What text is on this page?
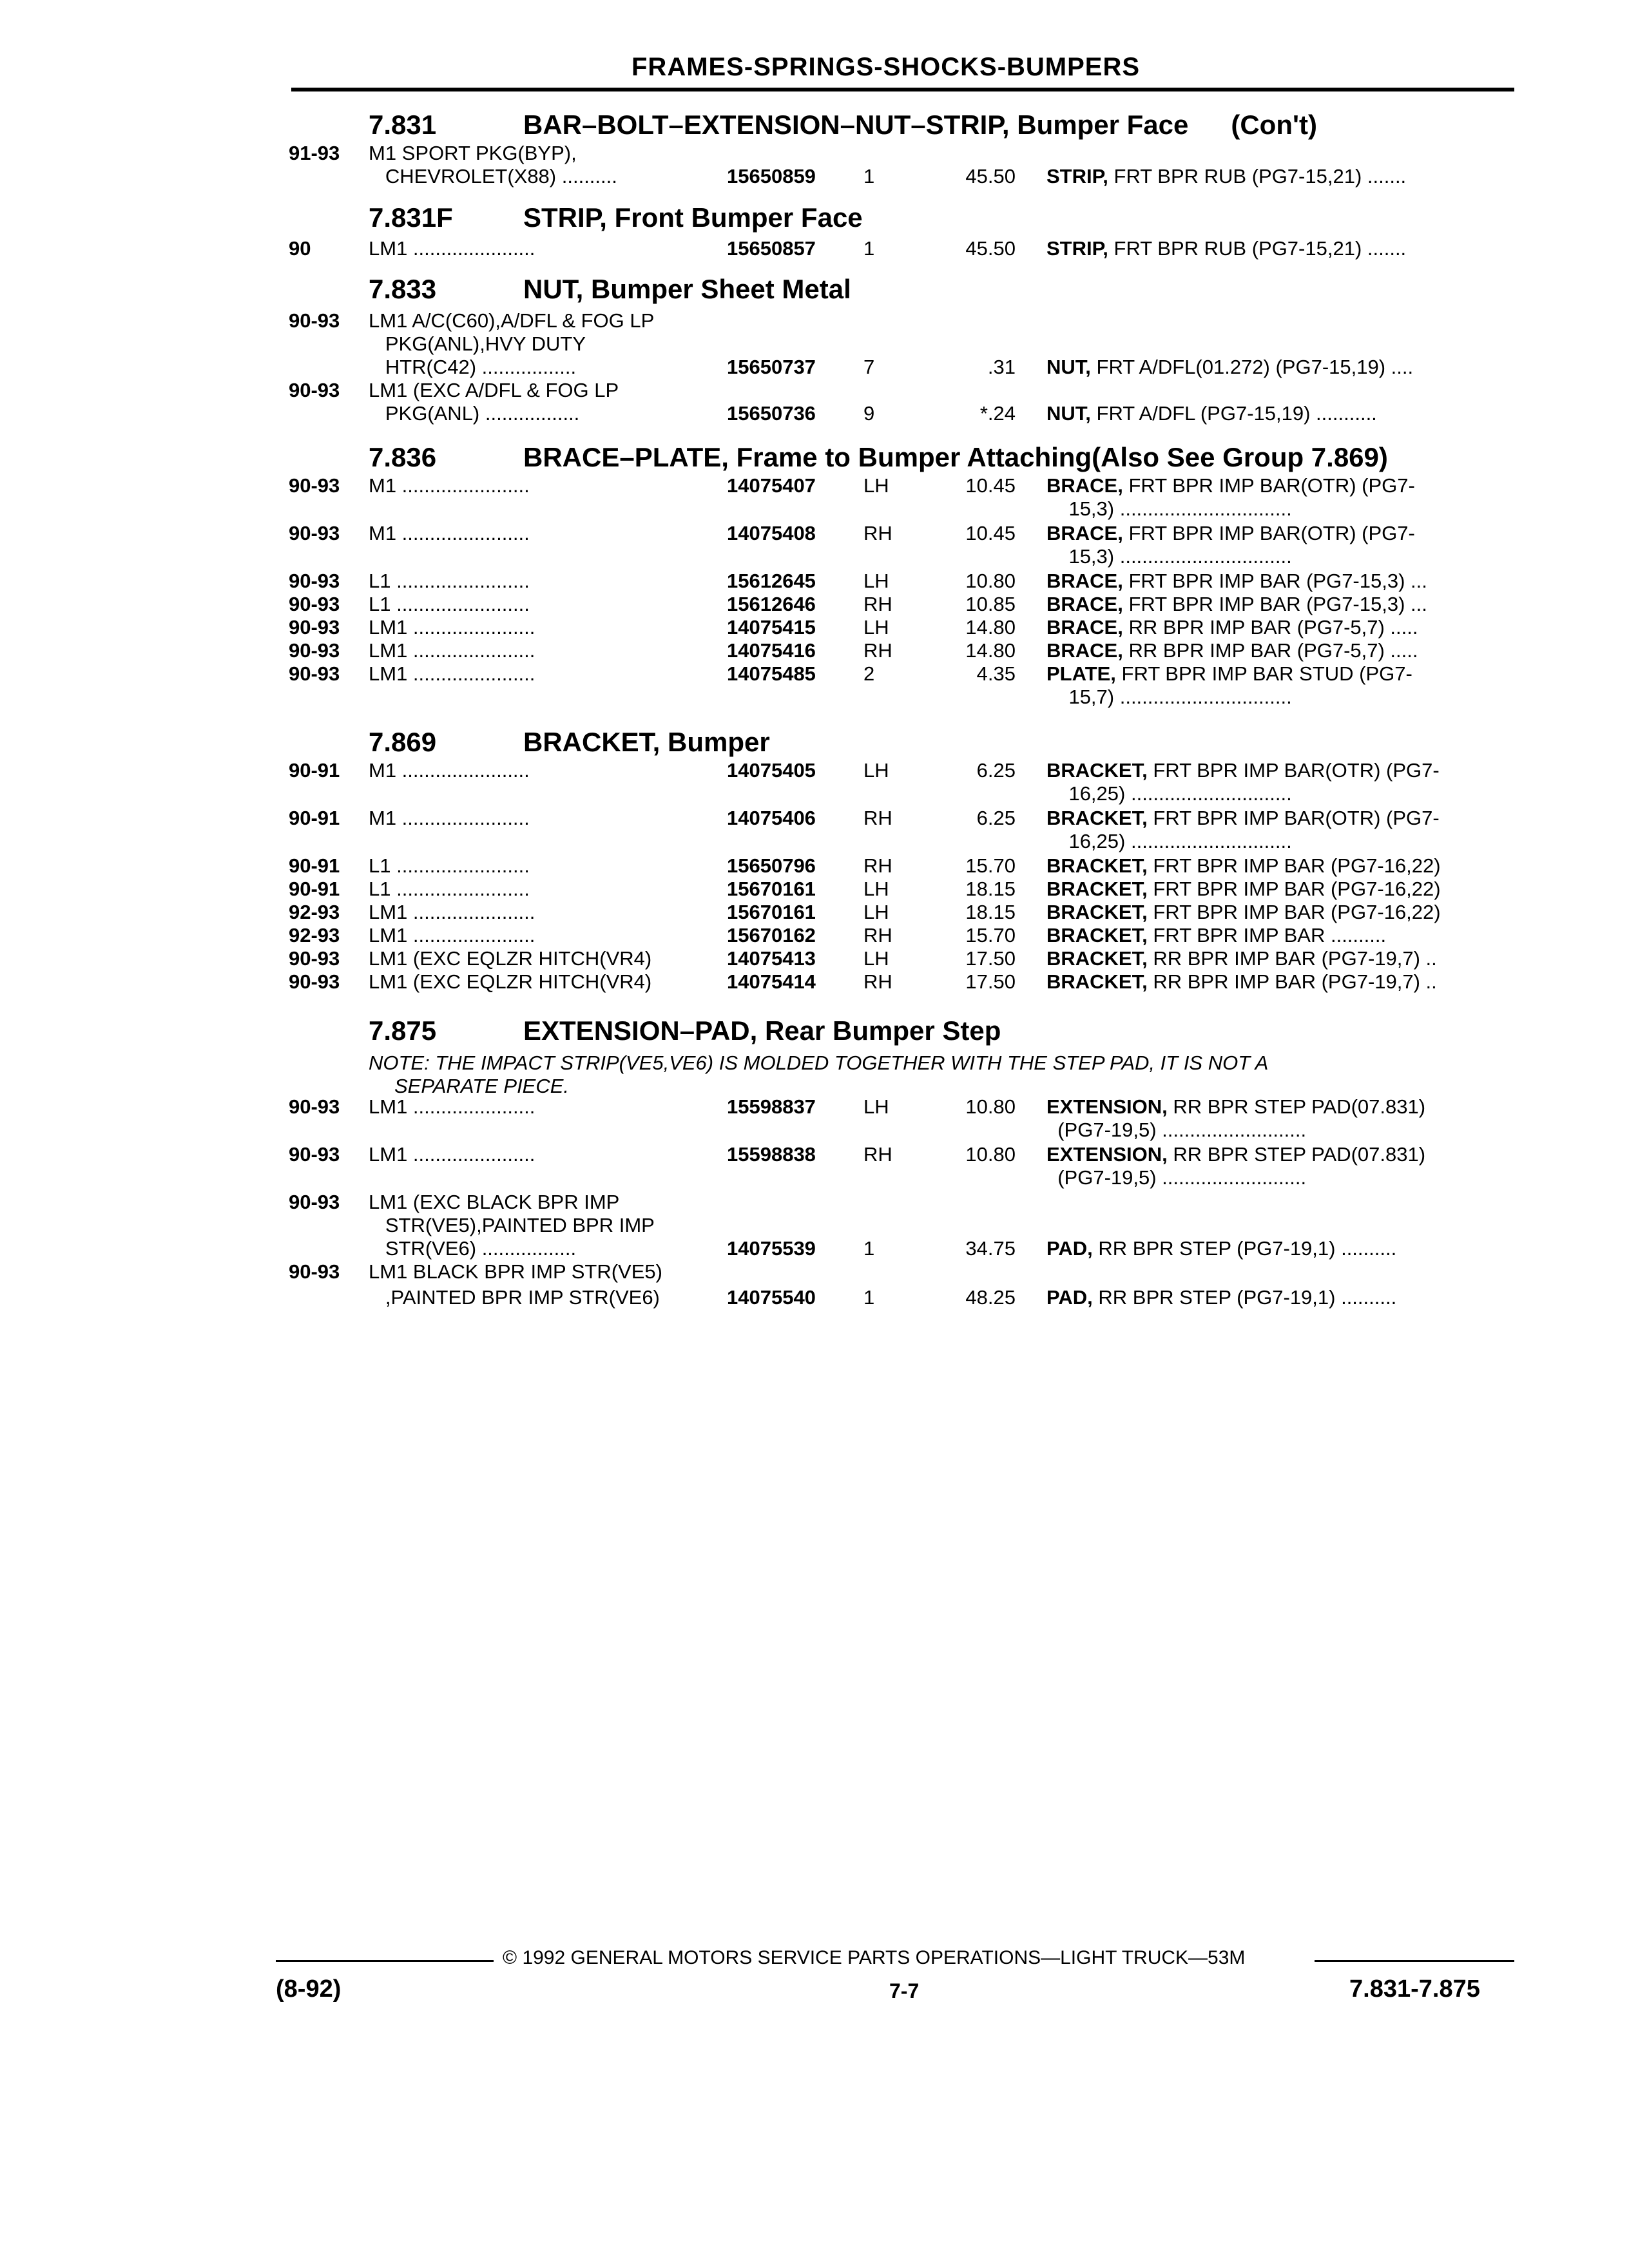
FRAMES-SPRINGS-SHOCKS-BUMPERS
7.831	BAR–BOLT–EXTENSION–NUT–STRIP, Bumper Face (Con't)
7.831F	STRIP, Front Bumper Face
7.833	NUT, Bumper Sheet Metal
7.836	BRACE–PLATE, Frame to Bumper Attaching(Also See Group 7.869)
7.869	BRACKET, Bumper
7.875	EXTENSION–PAD, Rear Bumper Step
NOTE: THE IMPACT STRIP(VE5,VE6) IS MOLDED TOGETHER WITH THE STEP PAD, IT IS NOT A
SEPARATE PIECE.
91-93 M1 SPORT PKG(BYP),
CHEVROLET(X88) ..........	15650859 1	45.50 STRIP, FRT BPR RUB (PG7-15,21) .......
90	LM1 ......................	15650857 1	45.50 STRIP, FRT BPR RUB (PG7-15,21) .......
90-93 LM1 A/C(C60),A/DFL & FOG LP
PKG(ANL),HVY DUTY
HTR(C42) .................	15650737 7	.31 NUT, FRT A/DFL(01.272) (PG7-15,19) ....
90-93 LM1 (EXC A/DFL & FOG LP
PKG(ANL) .................	15650736 9	*.24 NUT, FRT A/DFL (PG7-15,19) ...........
90-93 M1 .......................	14075407 LH	10.45 BRACE, FRT BPR IMP BAR(OTR) (PG7-
15,3) ...............................
90-93 M1 .......................	14075408 RH	10.45 BRACE, FRT BPR IMP BAR(OTR) (PG7-
15,3) ...............................
90-93 L1 ........................	15612645 LH	10.80 BRACE, FRT BPR IMP BAR (PG7-15,3) ...
90-93 L1 ........................	15612646 RH	10.85 BRACE, FRT BPR IMP BAR (PG7-15,3) ...
90-93 LM1 ......................	14075415 LH	14.80 BRACE, RR BPR IMP BAR (PG7-5,7) .....
90-93 LM1 ......................	14075416 RH	14.80 BRACE, RR BPR IMP BAR (PG7-5,7) .....
90-93 LM1 ......................	14075485 2	4.35 PLATE, FRT BPR IMP BAR STUD (PG7-
15,7) ...............................
90-91 M1 .......................	14075405 LH	6.25 BRACKET, FRT BPR IMP BAR(OTR) (PG7-
16,25) .............................
90-91 M1 .......................	14075406 RH	6.25 BRACKET, FRT BPR IMP BAR(OTR) (PG7-
16,25) .............................
90-91 L1 ........................	15650796 RH	15.70 BRACKET, FRT BPR IMP BAR (PG7-16,22)
90-91 L1 ........................	15670161 LH	18.15 BRACKET, FRT BPR IMP BAR (PG7-16,22)
92-93 LM1 ......................	15670161 LH	18.15 BRACKET, FRT BPR IMP BAR (PG7-16,22)
92-93 LM1 ......................	15670162 RH	15.70 BRACKET, FRT BPR IMP BAR ..........
90-93 LM1 (EXC EQLZR HITCH(VR4)	14075413 LH	17.50 BRACKET, RR BPR IMP BAR (PG7-19,7) ..
90-93 LM1 (EXC EQLZR HITCH(VR4)	14075414 RH	17.50 BRACKET, RR BPR IMP BAR (PG7-19,7) ..
90-93 LM1 ......................	15598837 LH	10.80 EXTENSION, RR BPR STEP PAD(07.831)
(PG7-19,5) ..........................
90-93 LM1 ......................	15598838 RH	10.80 EXTENSION, RR BPR STEP PAD(07.831)
(PG7-19,5) ..........................
90-93 LM1 (EXC BLACK BPR IMP
STR(VE5),PAINTED BPR IMP
STR(VE6) .................	14075539 1	34.75 PAD, RR BPR STEP (PG7-19,1) ..........
90-93 LM1 BLACK BPR IMP STR(VE5)
,PAINTED BPR IMP STR(VE6)	14075540 1	48.25 PAD, RR BPR STEP (PG7-19,1) ..........
© 1992 GENERAL MOTORS SERVICE PARTS OPERATIONS—LIGHT TRUCK—53M
(8-92)	7-7	7.831-7.875
